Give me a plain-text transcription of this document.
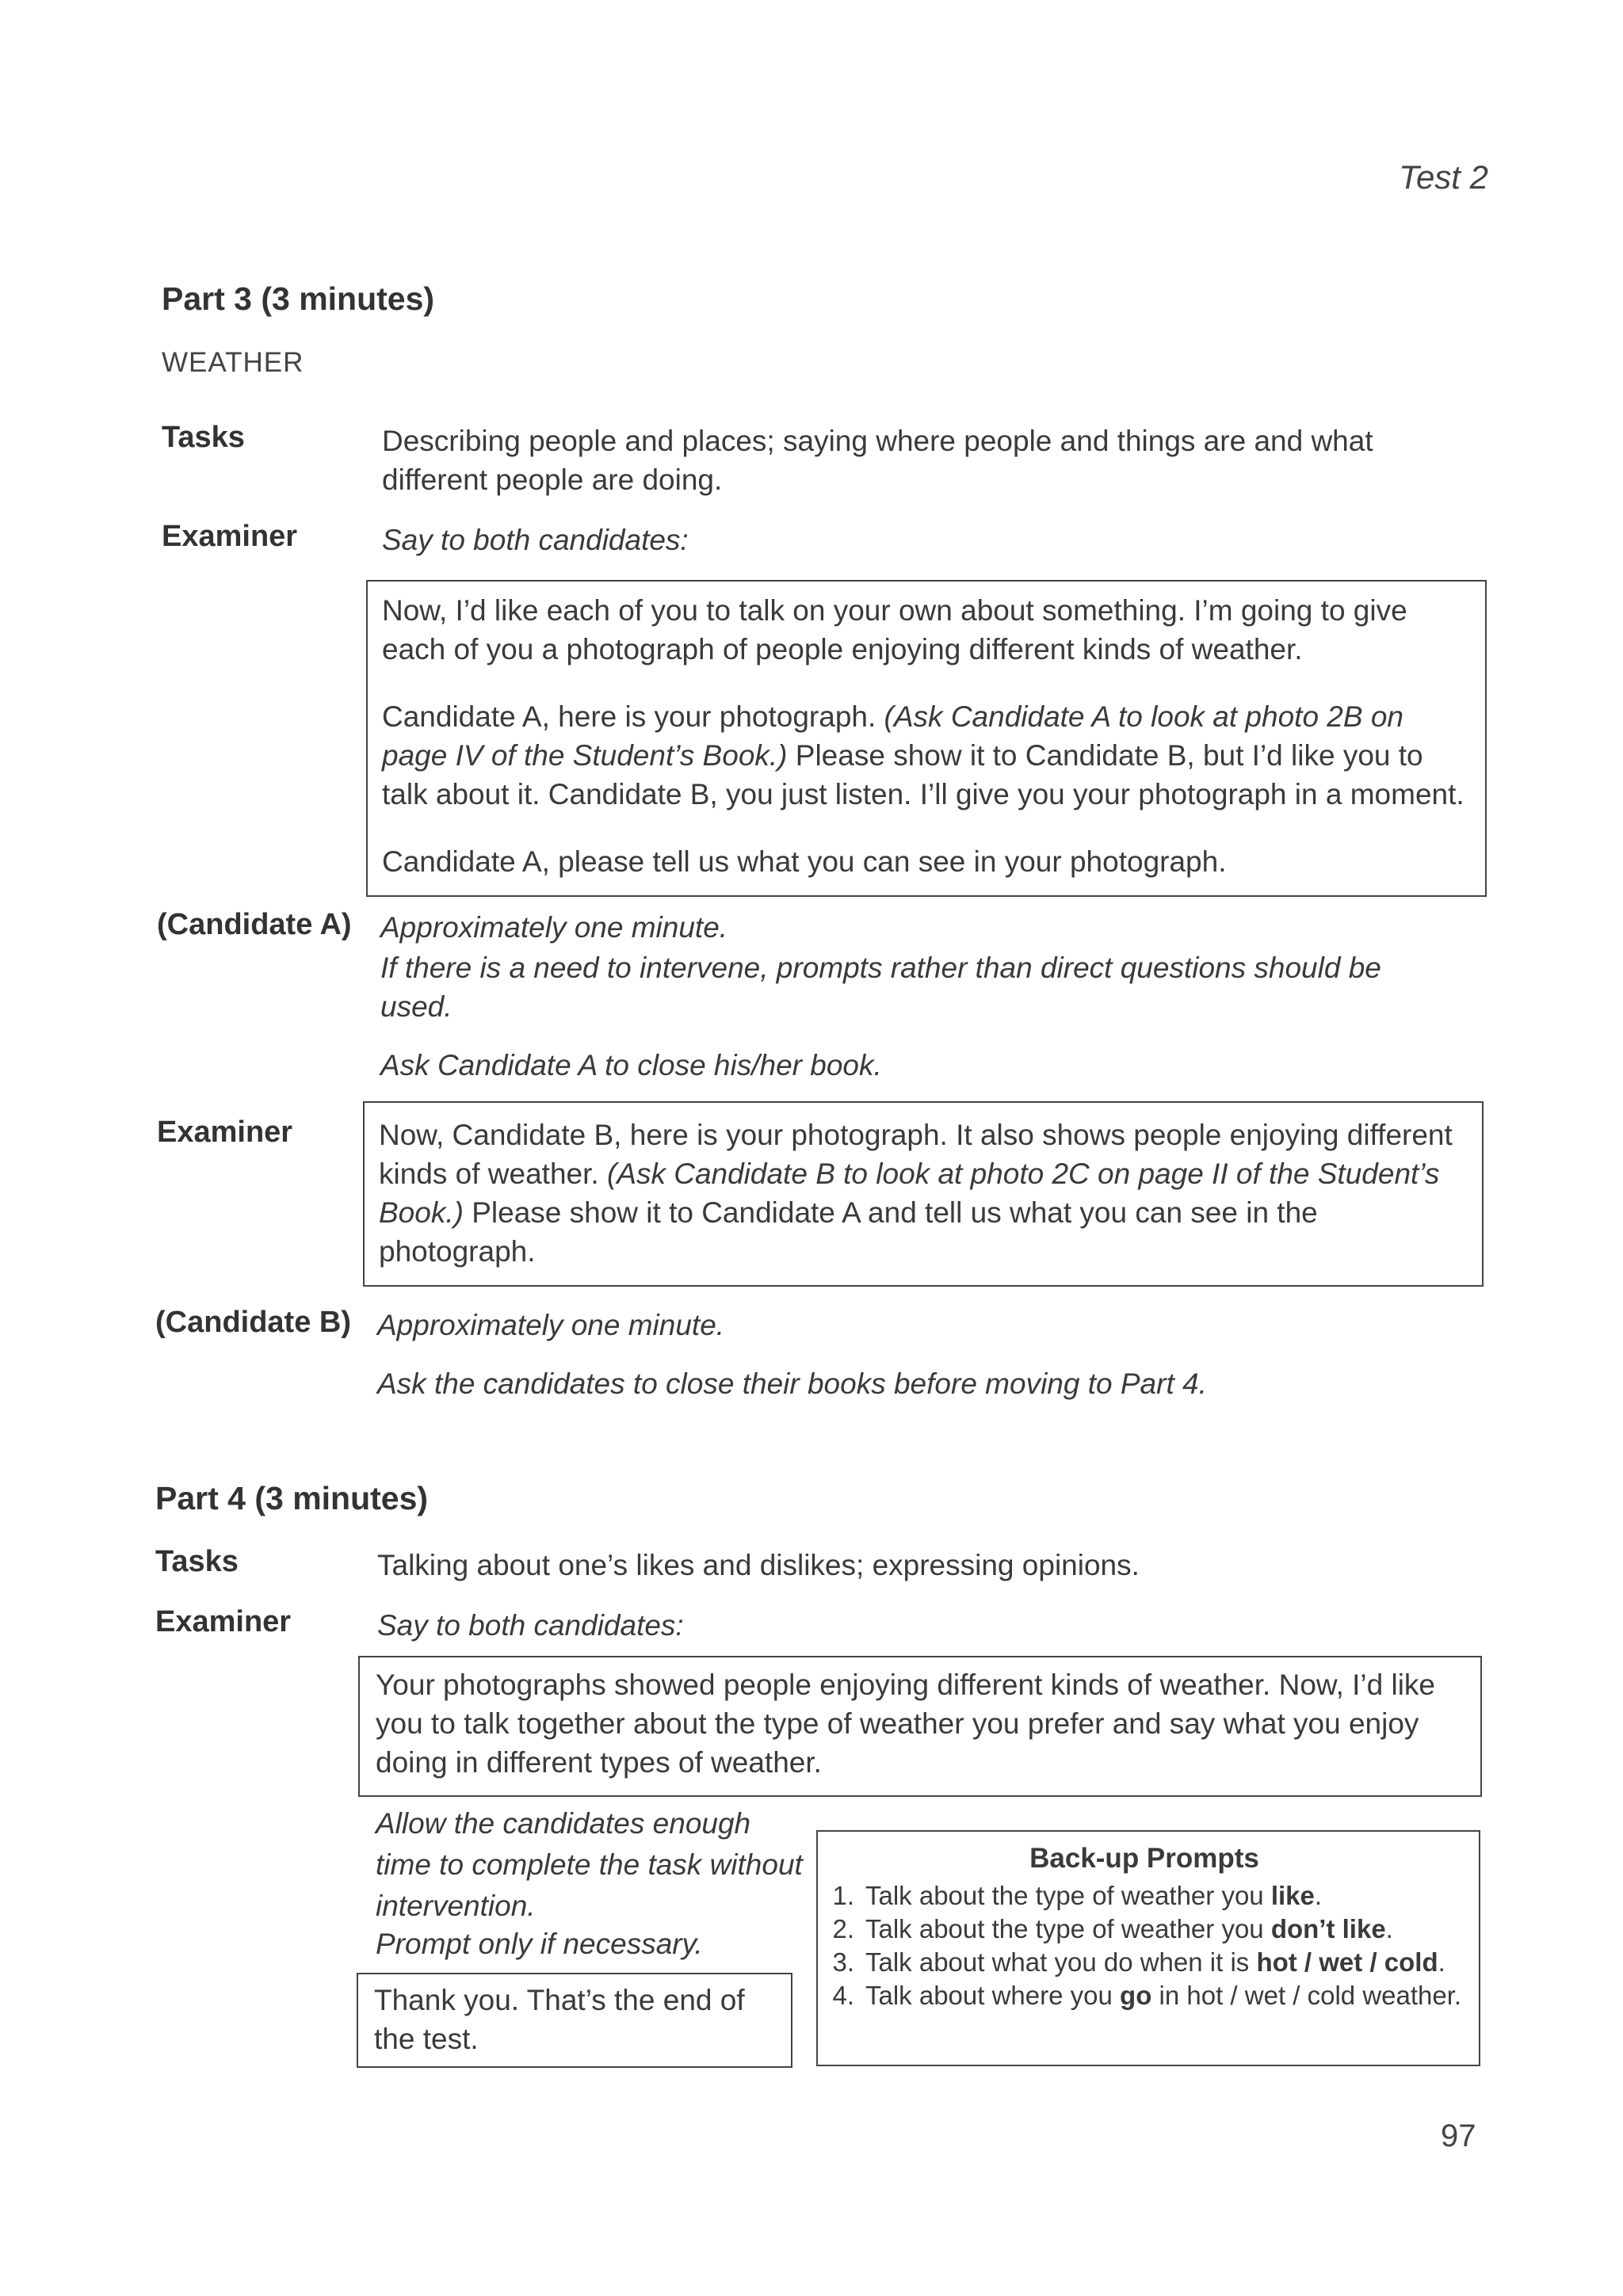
Test 2
Part 3 (3 minutes)
WEATHER
Tasks	Describing people and places; saying where people and things are and what different people are doing.
Examiner	Say to both candidates:

Now, I’d like each of you to talk on your own about something. I’m going to give each of you a photograph of people enjoying different kinds of weather.

Candidate A, here is your photograph. (Ask Candidate A to look at photo 2B on page IV of the Student’s Book.) Please show it to Candidate B, but I’d like you to talk about it. Candidate B, you just listen. I’ll give you your photograph in a moment.

Candidate A, please tell us what you can see in your photograph.

(Candidate A) Approximately one minute.
If there is a need to intervene, prompts rather than direct questions should be used.
Ask Candidate A to close his/her book.
Examiner	Now, Candidate B, here is your photograph. It also shows people enjoying different kinds of weather. (Ask Candidate B to look at photo 2C on page II of the Student’s Book.) Please show it to Candidate A and tell us what you can see in the photograph.

(Candidate B) Approximately one minute.
Ask the candidates to close their books before moving to Part 4.
Part 4 (3 minutes)
Tasks	Talking about one’s likes and dislikes; expressing opinions.
Examiner	Say to both candidates:

Your photographs showed people enjoying different kinds of weather. Now, I’d like you to talk together about the type of weather you prefer and say what you enjoy doing in different types of weather.

Allow the candidates enough time to complete the task without intervention.
Prompt only if necessary.

Thank you. That’s the end of the test.

Back-up Prompts
1. Talk about the type of weather you like.
2. Talk about the type of weather you don’t like.
3. Talk about what you do when it is hot / wet / cold.
4. Talk about where you go in hot / wet / cold weather.
97
